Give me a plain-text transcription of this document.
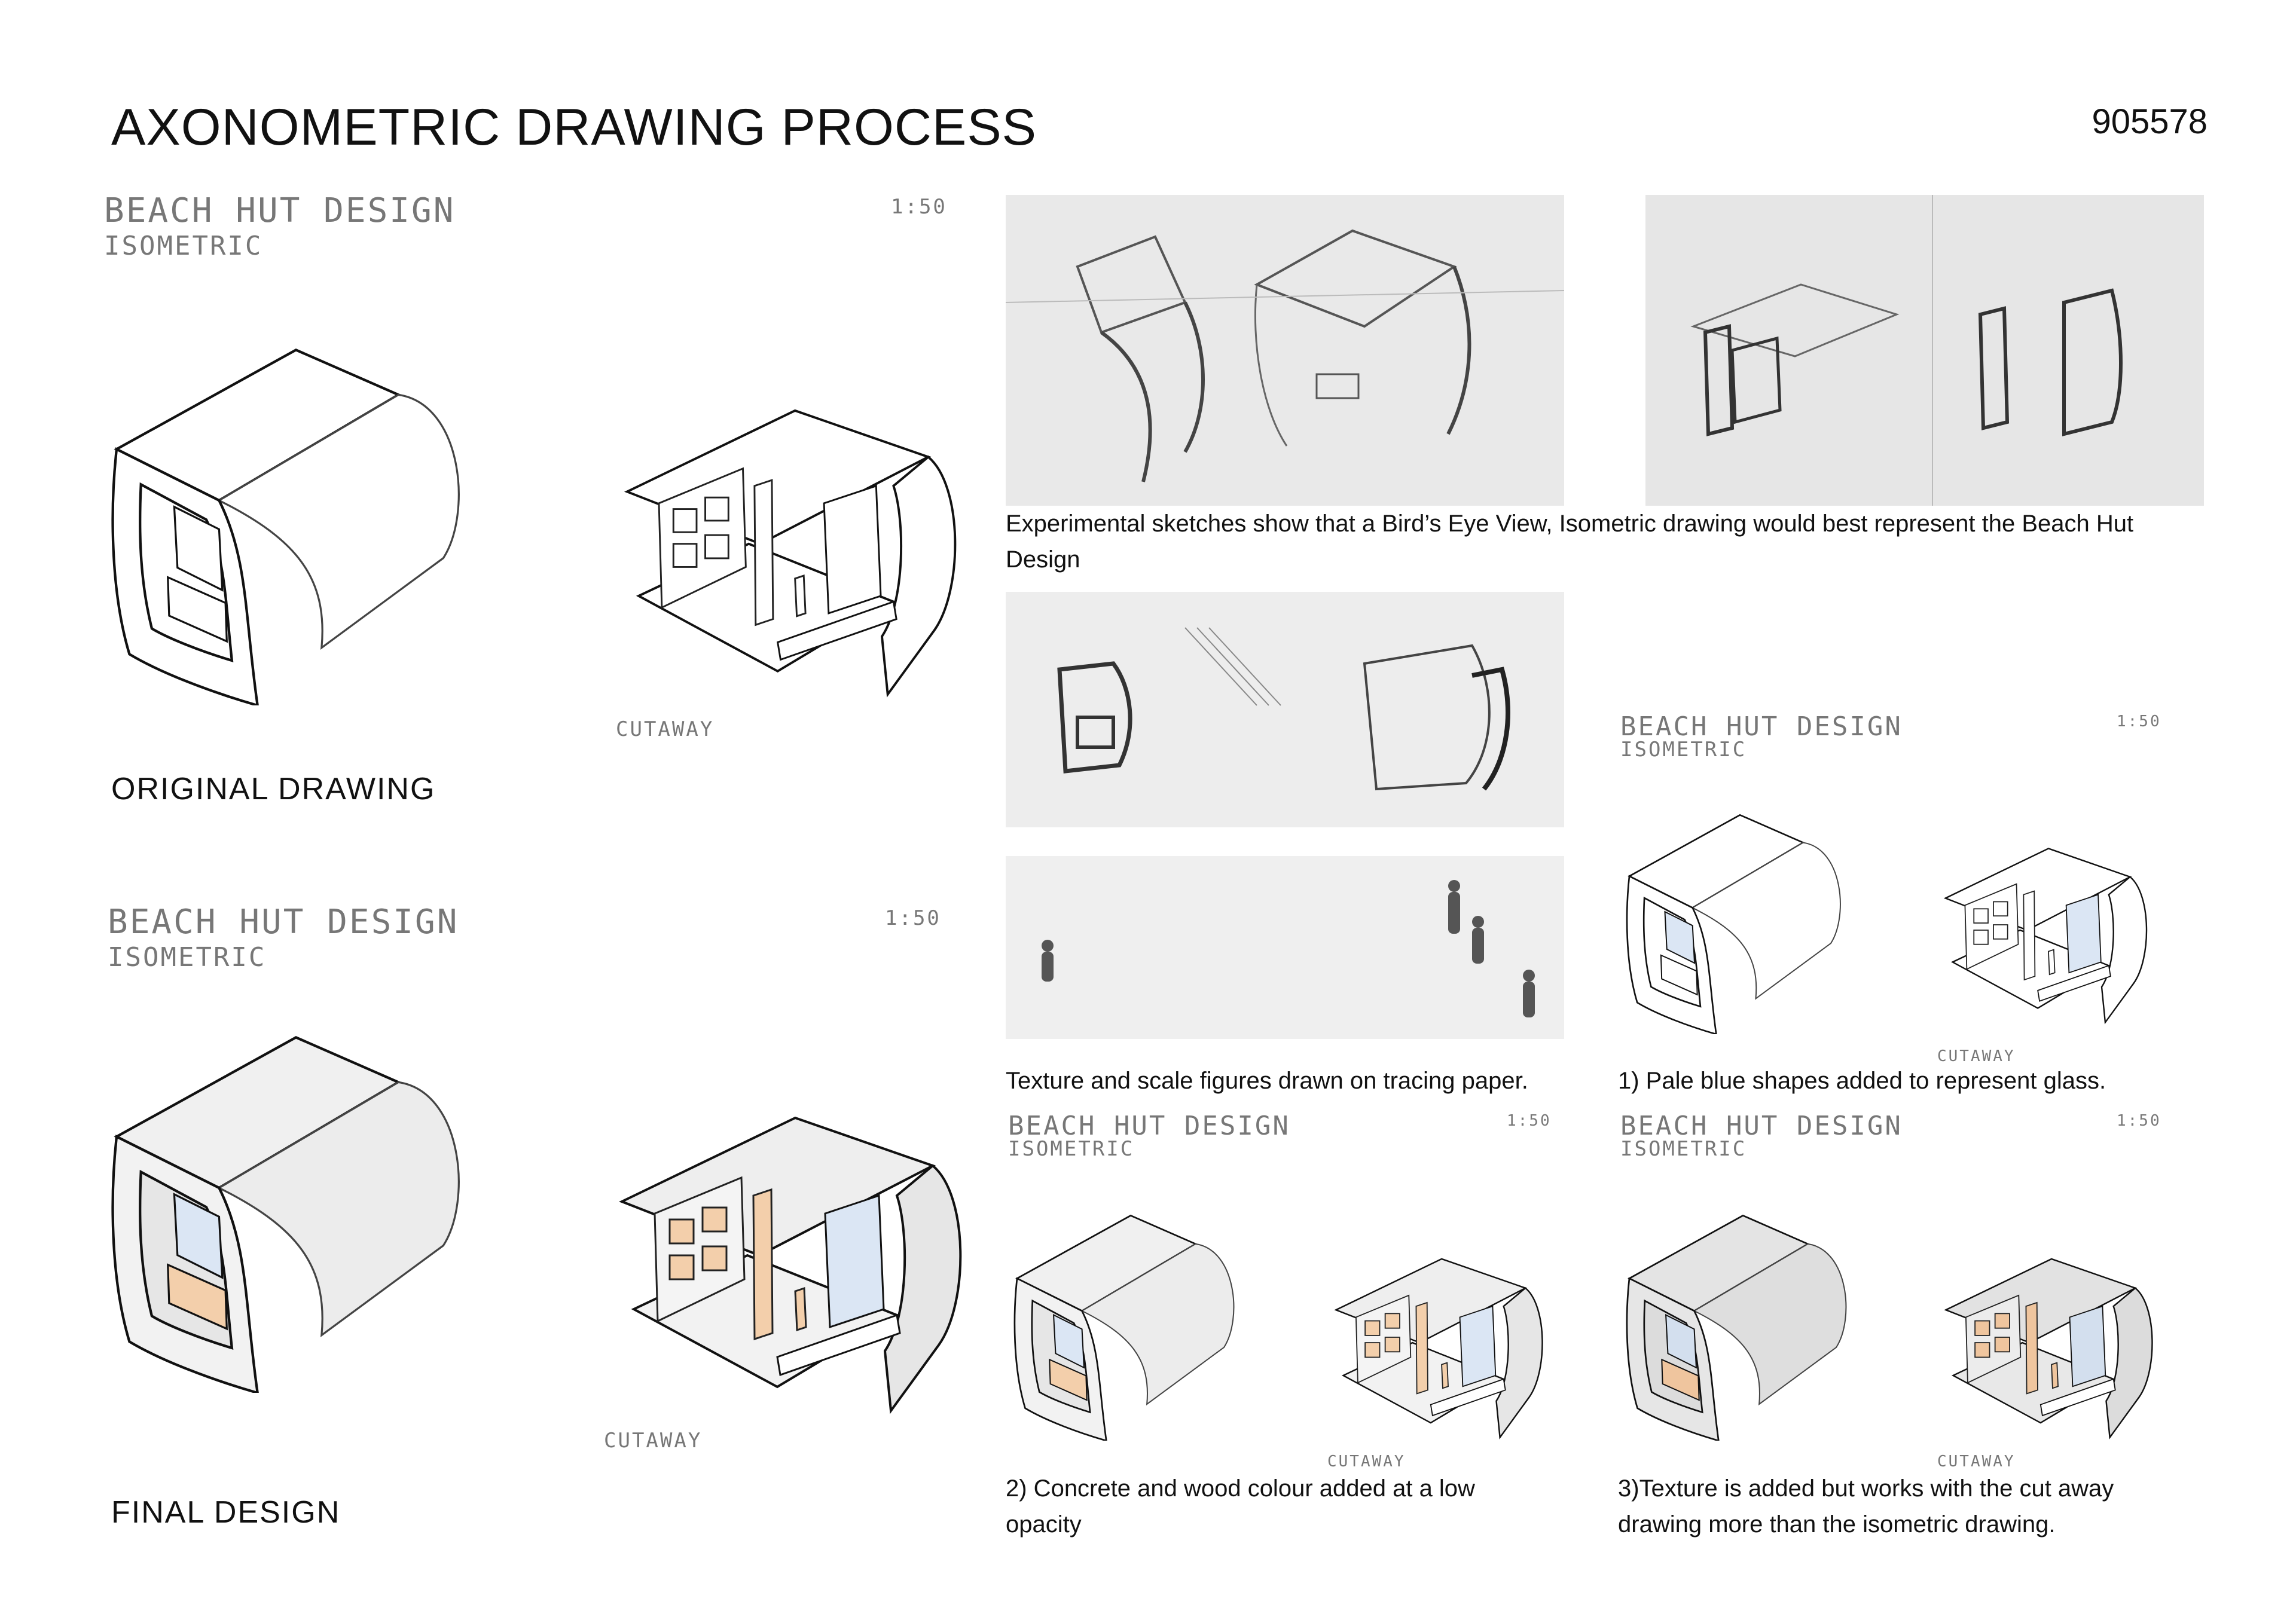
AXONOMETRIC DRAWING PROCESS	905578
BEACH HUT DESIGN
ISOMETRIC
1:50
CUTAWAY
ORIGINAL DRAWING
BEACH HUT DESIGN
ISOMETRIC
1:50
CUTAWAY
FINAL DESIGN
Experimental sketches show that a Bird’s Eye View, Isometric drawing would best represent the Beach Hut Design
Texture and scale figures drawn on tracing paper.
BEACH HUT DESIGN
ISOMETRIC
1:50
CUTAWAY
1) Pale blue shapes added to represent glass.
BEACH HUT DESIGN
ISOMETRIC
1:50
CUTAWAY
2) Concrete and wood colour added at a low opacity
BEACH HUT DESIGN
ISOMETRIC
1:50
CUTAWAY
3)Texture is added but works with the cut away drawing more than the isometric drawing.
